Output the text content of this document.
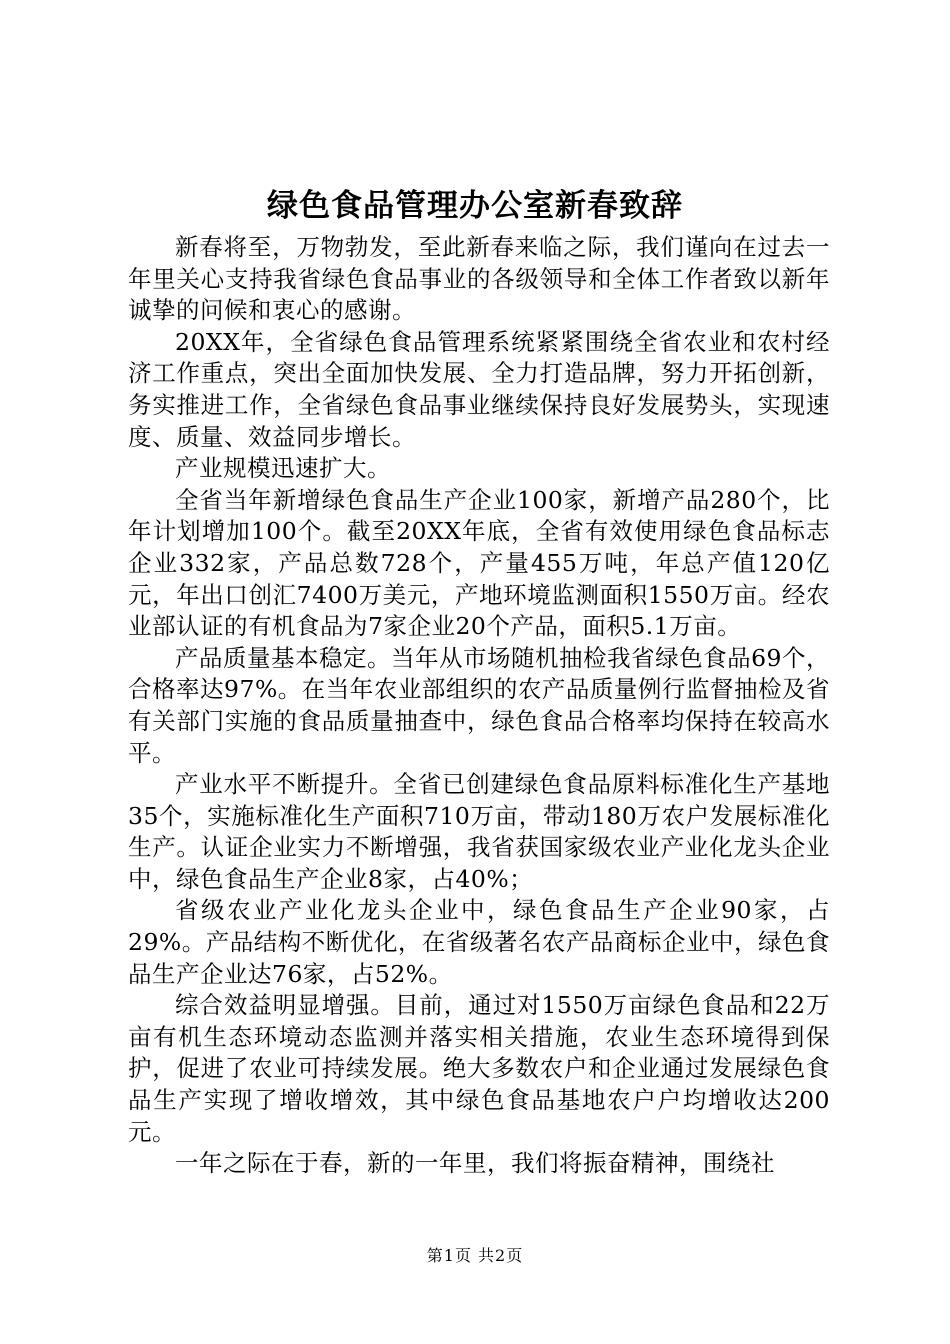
绿色食品管理办公室新春致辞

新春将至，万物勃发，至此新春来临之际，我们谨向在过去一年里关心支持我省绿色食品事业的各级领导和全体工作者致以新年诚挚的问候和衷心的感谢。

20XX年，全省绿色食品管理系统紧紧围绕全省农业和农村经济工作重点，突出全面加快发展、全力打造品牌，努力开拓创新，务实推进工作，全省绿色食品事业继续保持良好发展势头，实现速度、质量、效益同步增长。

产业规模迅速扩大。

全省当年新增绿色食品生产企业100家，新增产品280个，比年计划增加100个。截至20XX年底，全省有效使用绿色食品标志企业332家，产品总数728个，产量455万吨，年总产值120亿元，年出口创汇7400万美元，产地环境监测面积1550万亩。经农业部认证的有机食品为7家企业20个产品，面积5.1万亩。

产品质量基本稳定。当年从市场随机抽检我省绿色食品69个，合格率达97%。在当年农业部组织的农产品质量例行监督抽检及省有关部门实施的食品质量抽查中，绿色食品合格率均保持在较高水平。

产业水平不断提升。全省已创建绿色食品原料标准化生产基地35个，实施标准化生产面积710万亩，带动180万农户发展标准化生产。认证企业实力不断增强，我省获国家级农业产业化龙头企业中，绿色食品生产企业8家，占40%；

省级农业产业化龙头企业中，绿色食品生产企业90家，占29%。产品结构不断优化，在省级著名农产品商标企业中，绿色食品生产企业达76家，占52%。

综合效益明显增强。目前，通过对1550万亩绿色食品和22万亩有机生态环境动态监测并落实相关措施，农业生态环境得到保护，促进了农业可持续发展。绝大多数农户和企业通过发展绿色食品生产实现了增收增效，其中绿色食品基地农户户均增收达200元。

一年之际在于春，新的一年里，我们将振奋精神，围绕社

第1页 共2页
